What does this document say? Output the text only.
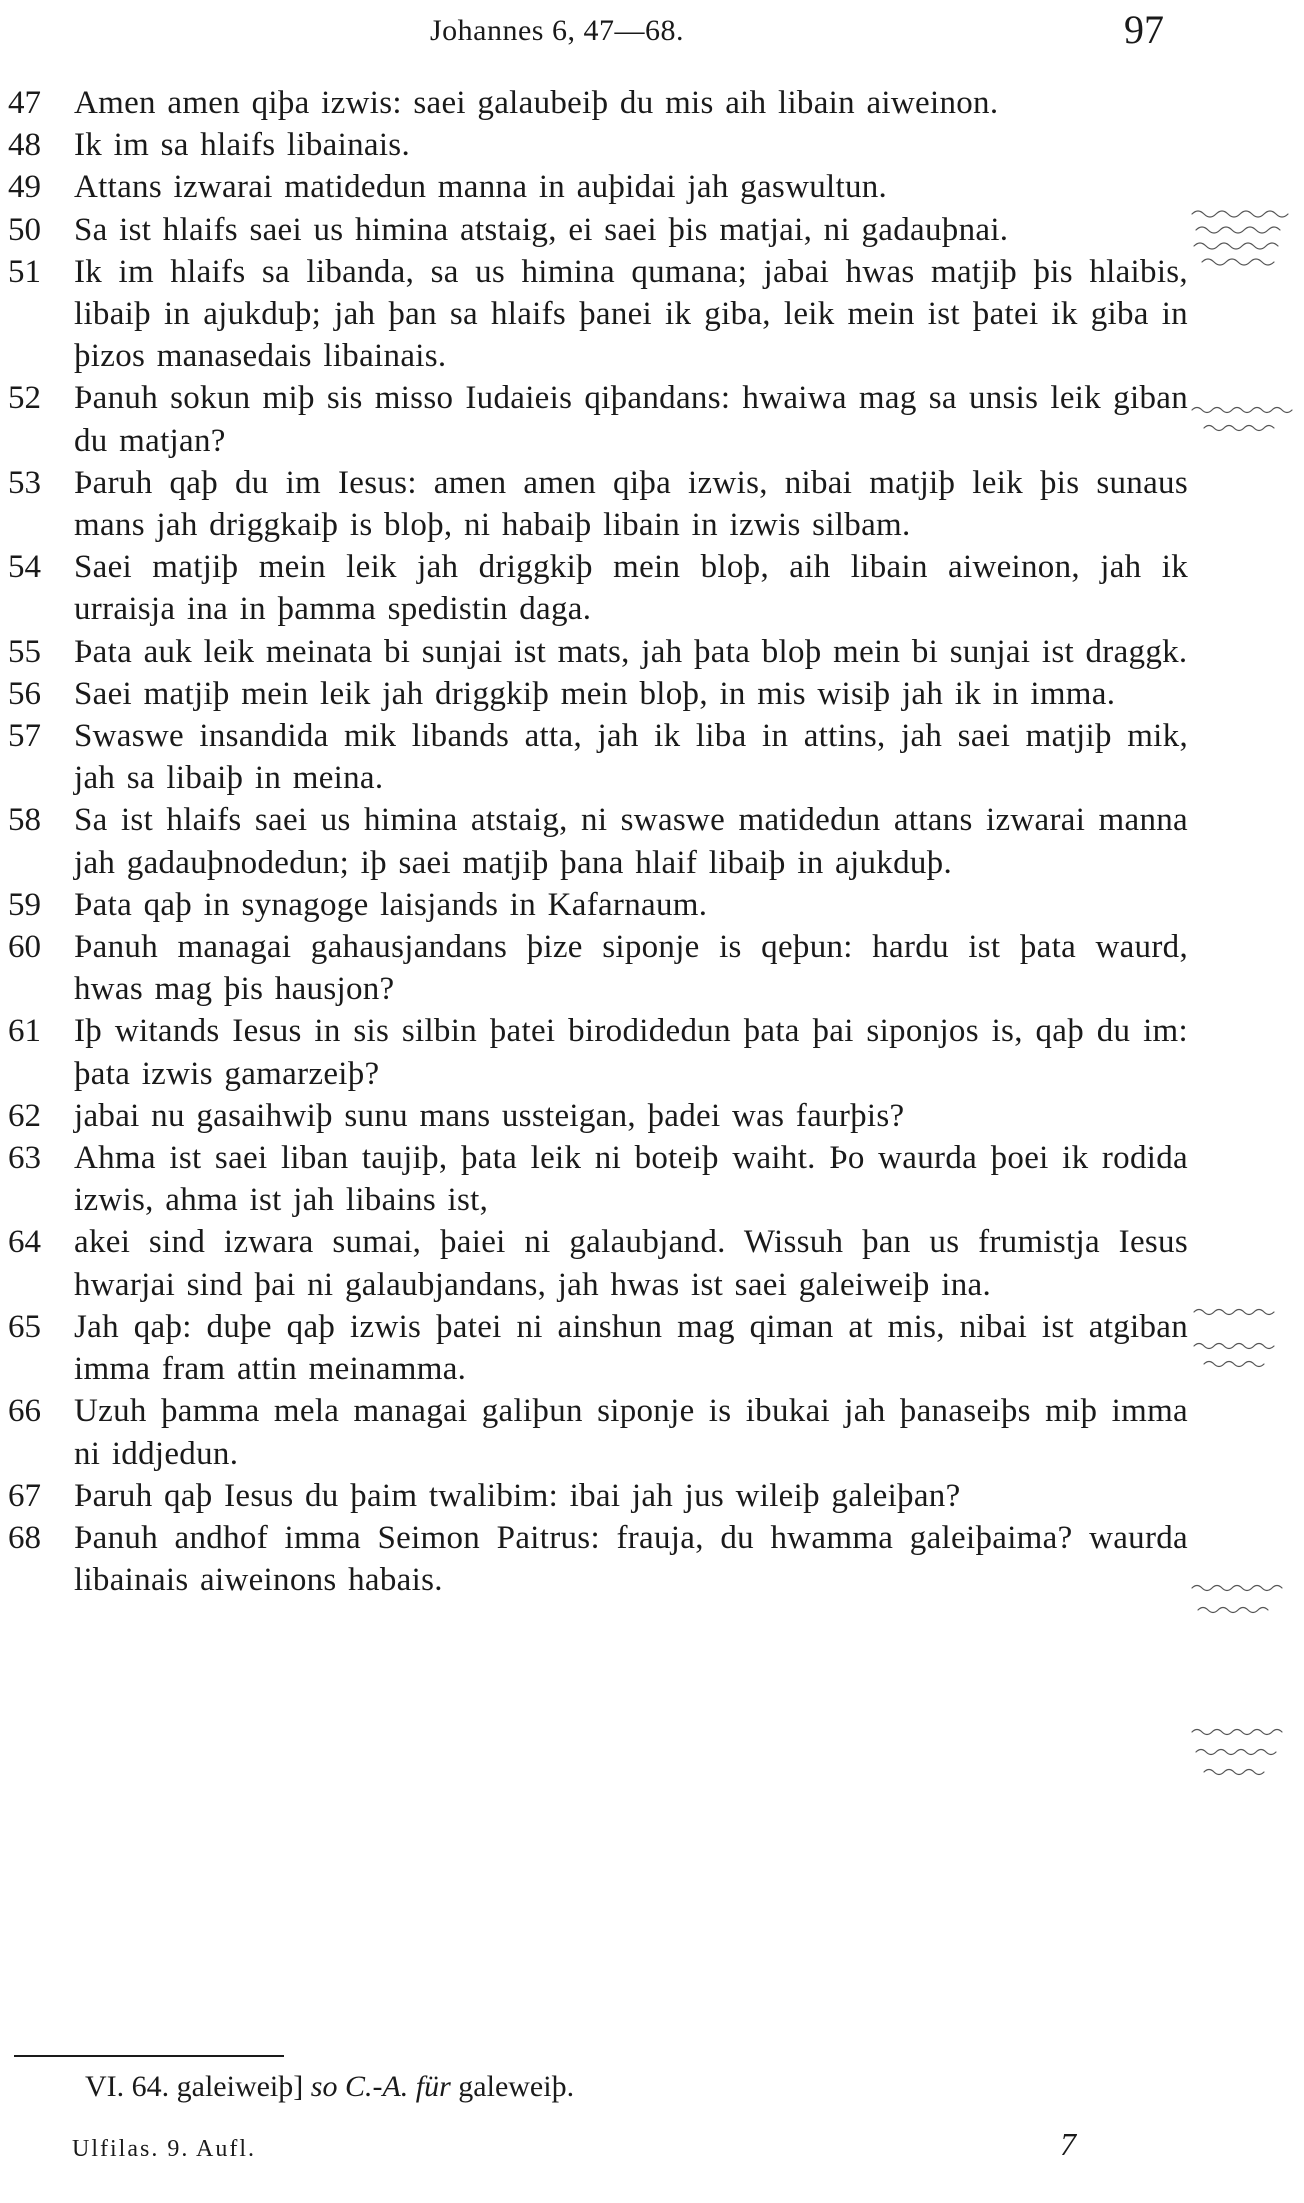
Johannes 6, 47—68.	97
47	Amen amen qiþa izwis: saei galaubeiþ du mis aih libain aiweinon.
48	Ik im sa hlaifs libainais.
49	Attans izwarai matidedun manna in auþidai jah gaswultun.
50	Sa ist hlaifs saei us himina atstaig, ei saei þis matjai, ni gadauþnai.
51	Ik im hlaifs sa libanda, sa us himina qumana; jabai hwas matjiþ þis hlaibis, libaiþ in ajukduþ; jah þan sa hlaifs þanei ik giba, leik mein ist þatei ik giba in þizos manasedais libainais.
52	Þanuh sokun miþ sis misso Iudaieis qiþandans: hwaiwa mag sa unsis leik giban du matjan?
53	Þaruh qaþ du im Iesus: amen amen qiþa izwis, nibai matjiþ leik þis sunaus mans jah driggkaiþ is bloþ, ni habaiþ libain in izwis silbam.
54	Saei matjiþ mein leik jah driggkiþ mein bloþ, aih libain aiweinon, jah ik urraisja ina in þamma spedistin daga.
55	Þata auk leik meinata bi sunjai ist mats, jah þata bloþ mein bi sunjai ist draggk.
56	Saei matjiþ mein leik jah driggkiþ mein bloþ, in mis wisiþ jah ik in imma.
57	Swaswe insandida mik libands atta, jah ik liba in attins, jah saei matjiþ mik, jah sa libaiþ in meina.
58	Sa ist hlaifs saei us himina atstaig, ni swaswe matidedun attans izwarai manna jah gadauþnodedun; iþ saei matjiþ þana hlaif libaiþ in ajukduþ.
59	Þata qaþ in synagoge laisjands in Kafarnaum.
60	Þanuh managai gahausjandans þize siponje is qeþun: hardu ist þata waurd, hwas mag þis hausjon?
61	Iþ witands Iesus in sis silbin þatei birodidedun þata þai siponjos is, qaþ du im: þata izwis gamarzeiþ?
62	jabai nu gasaihwiþ sunu mans ussteigan, þadei was faurþis?
63	Ahma ist saei liban taujiþ, þata leik ni boteiþ waiht. Þo waurda þoei ik rodida izwis, ahma ist jah libains ist,
64	akei sind izwara sumai, þaiei ni galaubjand. Wissuh þan us frumistja Iesus hwarjai sind þai ni galaubjandans, jah hwas ist saei galeiweiþ ina.
65	Jah qaþ: duþe qaþ izwis þatei ni ainshun mag qiman at mis, nibai ist atgiban imma fram attin meinamma.
66	Uzuh þamma mela managai galiþun siponje is ibukai jah þanaseiþs miþ imma ni iddjedun.
67	Þaruh qaþ Iesus du þaim twalibim: ibai jah jus wileiþ galeiþan?
68	Þanuh andhof imma Seimon Paitrus: frauja, du hwamma galeiþaima? waurda libainais aiweinons habais.
VI. 64. galeiweiþ] so C.-A. für galeweiþ.
Ulfilas. 9. Aufl.	7
